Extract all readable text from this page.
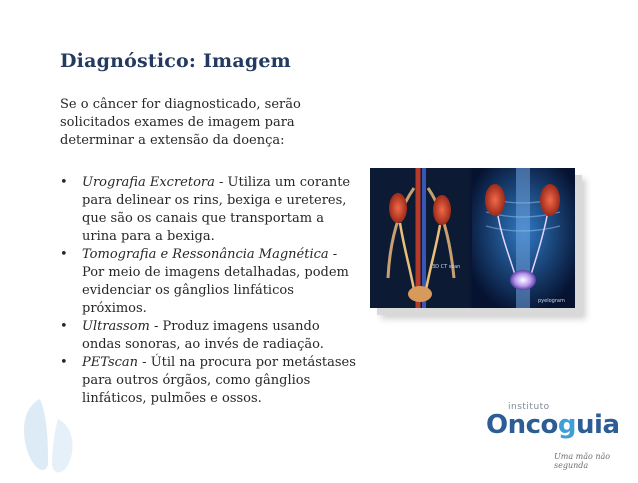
Diagnóstico: Imagem
Se o câncer for diagnosticado, serão solicitados exames de imagem para determinar a extensão da doença:
• Urografia Excretora - Utiliza um corante para delinear os rins, bexiga e ureteres, que são os canais que transportam a urina para a bexiga.
• Tomografia e Ressonância Magnética - Por meio de imagens detalhadas, podem evidenciar os gânglios linfáticos próximos.
• Ultrassom - Produz imagens usando ondas sonoras, ao invés de radiação.
• PETscan - Útil na procura por metástases para outros órgãos, como gânglios linfáticos, pulmões e ossos.
3D CT scan
pyelogram
instituto
Oncoguia
Uma mão não segunda
